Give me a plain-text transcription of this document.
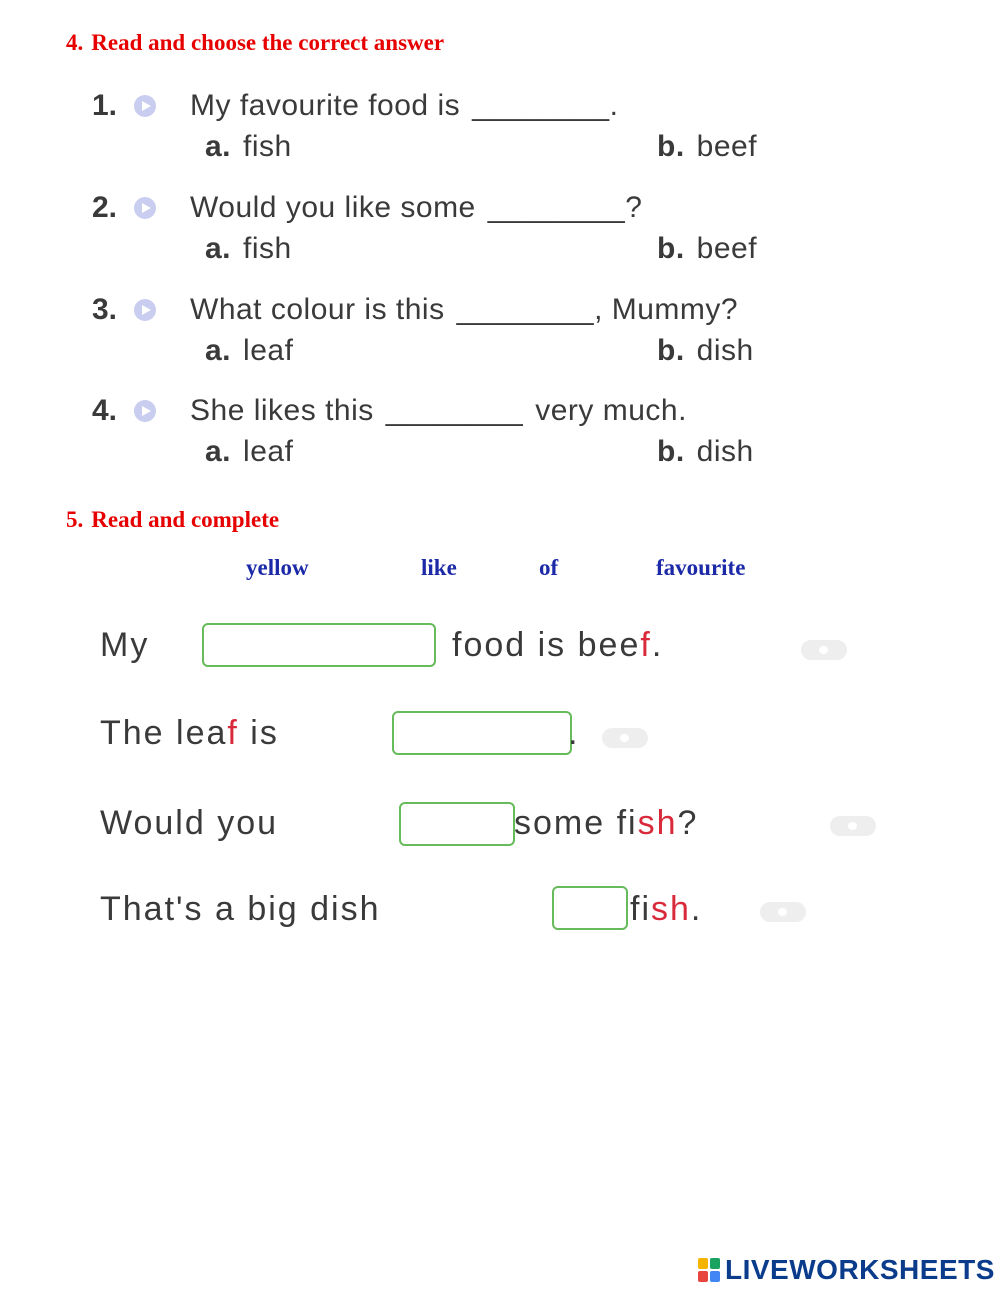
4. Read and choose the correct answer
1.	My favourite food is ________ .
a. fish	b. beef
2.	Would you like some ________ ?
a. fish	b. beef
3.	What colour is this ________ , Mummy?
a. leaf	b. dish
4.	She likes this ________ very much.
a. leaf	b. dish
5. Read and complete
yellow	like	of	favourite

My

	food is beef.

The leaf is

	.

Would you

	some fish?

That's a big dish

	fish.

LIVEWORKSHEETS
